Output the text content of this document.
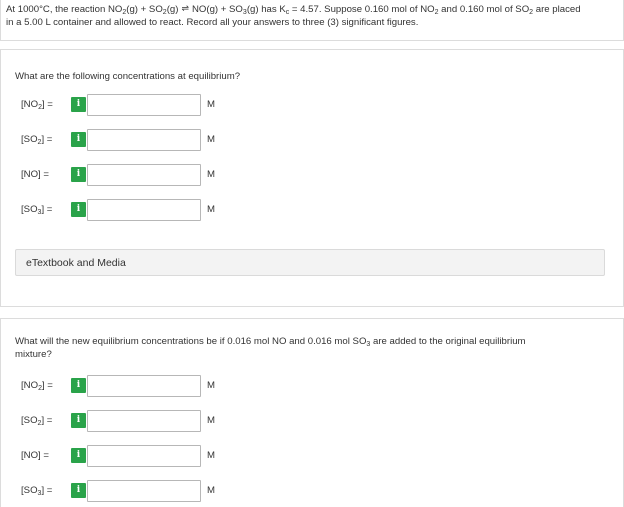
At 1000°C, the reaction $NO_2(g) + SO_2(g)$ ⇌ $NO(g) + SO_3(g)$ has $K_c = 4.57$. Suppose 0.160 mol of $NO_2$ and 0.160 mol of $SO_2$ are placed
in a 5.00 L container and allowed to react. Record all your answers to three (3) significant figures.
What are the following concentrations at equilibrium?
$[NO_2]$ =	i	M
$[SO_2]$ =	i	M
[NO] =	i	M
$[SO_3]$ =	i	M
eTextbook and Media
What will the new equilibrium concentrations be if 0.016 mol NO and 0.016 mol $SO_3$ are added to the original equilibrium
mixture?
$[NO_2]$ =	i	M
$[SO_2]$ =	i	M
[NO] =	i	M
$[SO_3]$ =	i	M
